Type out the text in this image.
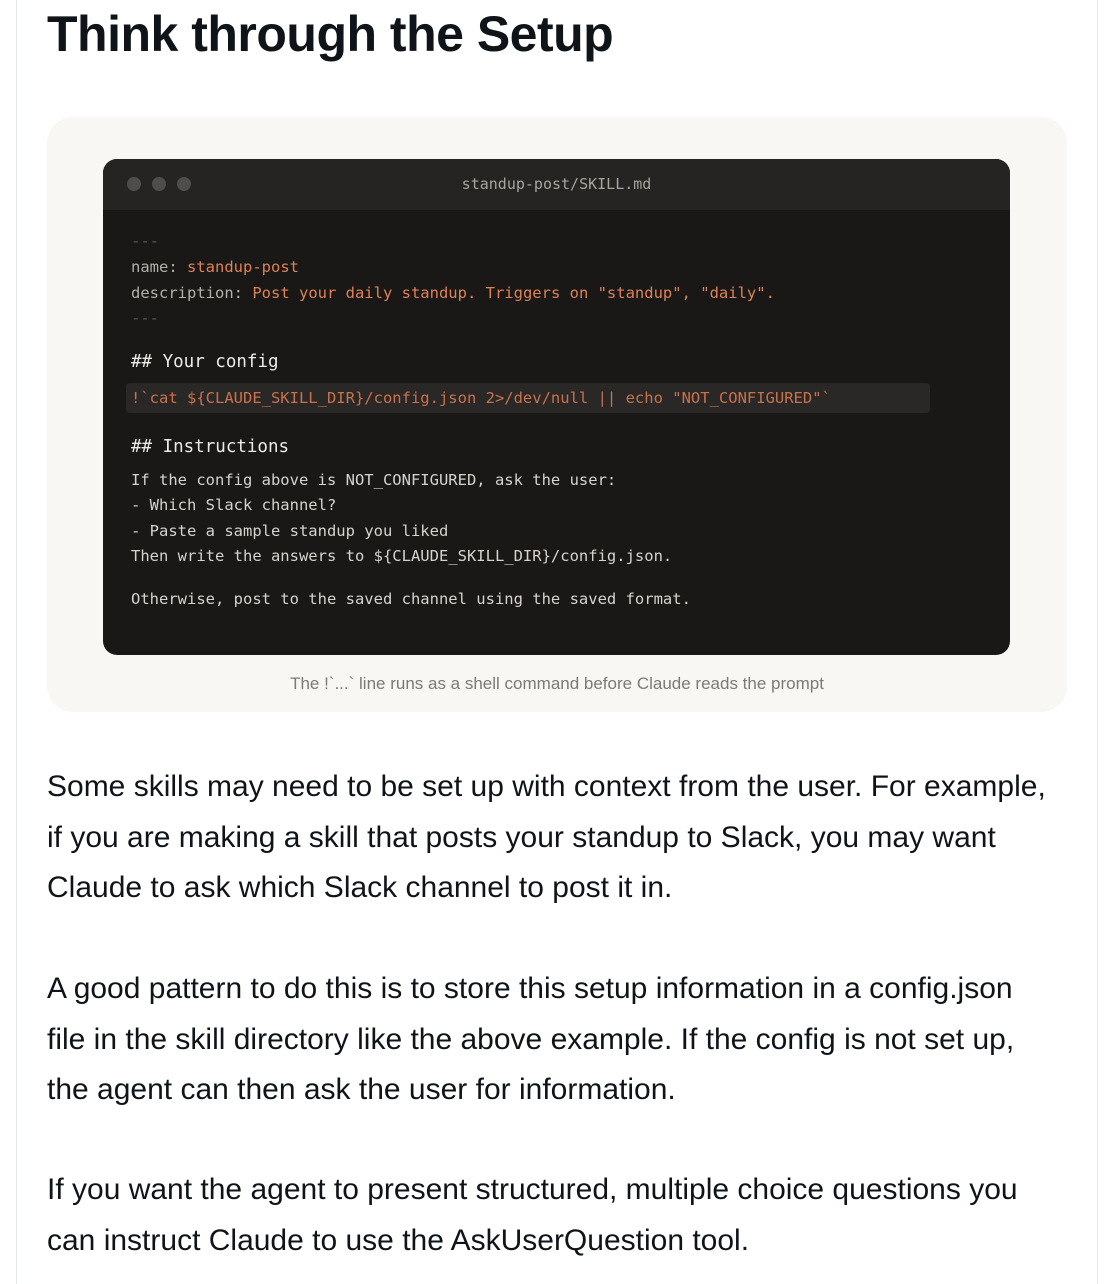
Think through the Setup
standup-post/SKILL.md
---
name: standup-post
description: Post your daily standup. Triggers on "standup", "daily".
---
## Your config
!`cat ${CLAUDE_SKILL_DIR}/config.json 2>/dev/null || echo "NOT_CONFIGURED"`
## Instructions
If the config above is NOT_CONFIGURED, ask the user:
- Which Slack channel?
- Paste a sample standup you liked
Then write the answers to ${CLAUDE_SKILL_DIR}/config.json.
Otherwise, post to the saved channel using the saved format.
The !`...` line runs as a shell command before Claude reads the prompt

Some skills may need to be set up with context from the user. For example, if you are making a skill that posts your standup to Slack, you may want Claude to ask which Slack channel to post it in.

A good pattern to do this is to store this setup information in a config.json file in the skill directory like the above example. If the config is not set up, the agent can then ask the user for information.

If you want the agent to present structured, multiple choice questions you can instruct Claude to use the AskUserQuestion tool.
